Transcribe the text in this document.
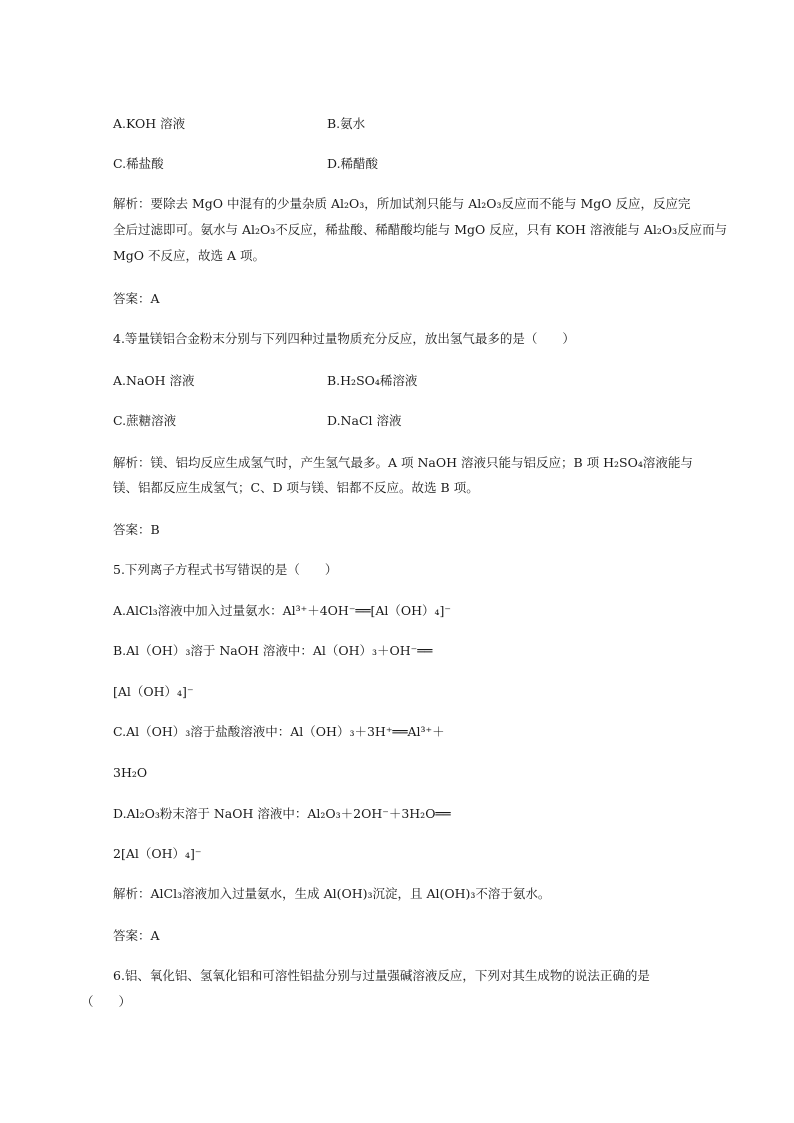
A.KOH 溶液	B.氨水
C.稀盐酸	D.稀醋酸
解析：要除去 MgO 中混有的少量杂质 Al₂O₃，所加试剂只能与 Al₂O₃反应而不能与 MgO 反应，反应完
全后过滤即可。氨水与 Al₂O₃不反应，稀盐酸、稀醋酸均能与 MgO 反应，只有 KOH 溶液能与 Al₂O₃反应而与
MgO 不反应，故选 A 项。
答案：A
4.等量镁铝合金粉末分别与下列四种过量物质充分反应，放出氢气最多的是（　　）
A.NaOH 溶液	B.H₂SO₄稀溶液
C.蔗糖溶液	D.NaCl 溶液
解析：镁、铝均反应生成氢气时，产生氢气最多。A 项 NaOH 溶液只能与铝反应；B 项 H₂SO₄溶液能与
镁、铝都反应生成氢气；C、D 项与镁、铝都不反应。故选 B 项。
答案：B
5.下列离子方程式书写错误的是（　　）
A.AlCl₃溶液中加入过量氨水：Al³⁺＋4OH⁻══[Al（OH）₄]⁻
B.Al（OH）₃溶于 NaOH 溶液中：Al（OH）₃＋OH⁻══
[Al（OH）₄]⁻
C.Al（OH）₃溶于盐酸溶液中：Al（OH）₃＋3H⁺══Al³⁺＋
3H₂O
D.Al₂O₃粉末溶于 NaOH 溶液中：Al₂O₃＋2OH⁻＋3H₂O══
2[Al（OH）₄]⁻
解析：AlCl₃溶液加入过量氨水，生成 Al(OH)₃沉淀，且 Al(OH)₃不溶于氨水。
答案：A
6.铝、氧化铝、氢氧化铝和可溶性铝盐分别与过量强碱溶液反应，下列对其生成物的说法正确的是
（　　）
